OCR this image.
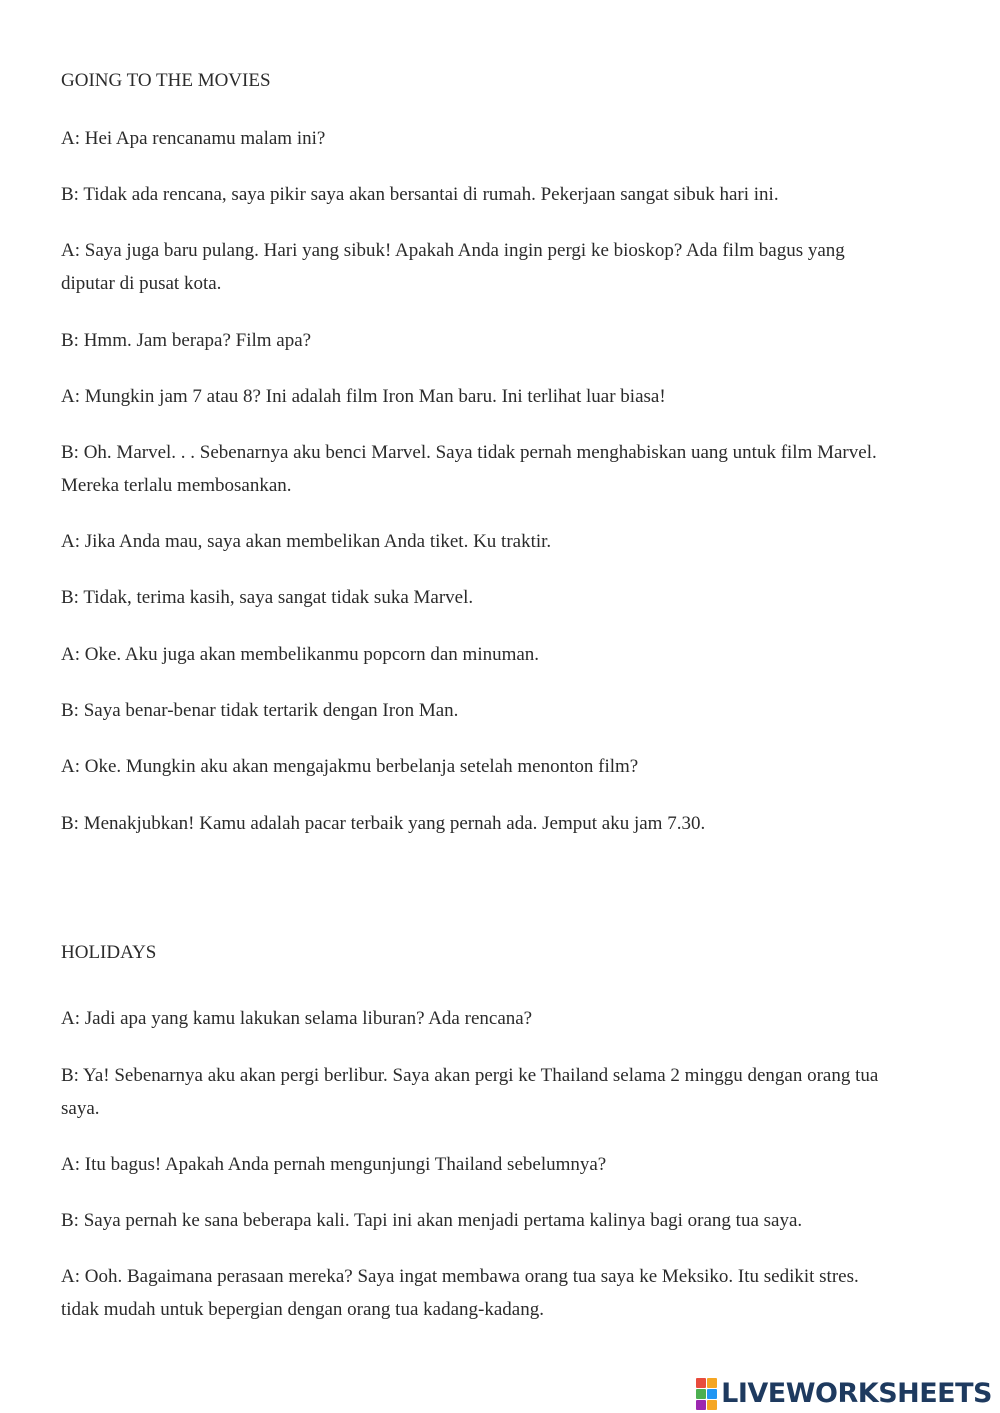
GOING TO THE MOVIES

A: Hei Apa rencanamu malam ini?

B: Tidak ada rencana, saya pikir saya akan bersantai di rumah. Pekerjaan sangat sibuk hari ini.

A: Saya juga baru pulang. Hari yang sibuk! Apakah Anda ingin pergi ke bioskop? Ada film bagus yang

diputar di pusat kota.

B: Hmm. Jam berapa? Film apa?

A: Mungkin jam 7 atau 8? Ini adalah film Iron Man baru. Ini terlihat luar biasa!

B: Oh. Marvel. . . Sebenarnya aku benci Marvel. Saya tidak pernah menghabiskan uang untuk film Marvel.

Mereka terlalu membosankan.

A: Jika Anda mau, saya akan membelikan Anda tiket. Ku traktir.

B: Tidak, terima kasih, saya sangat tidak suka Marvel.

A: Oke. Aku juga akan membelikanmu popcorn dan minuman.

B: Saya benar-benar tidak tertarik dengan Iron Man.

A: Oke. Mungkin aku akan mengajakmu berbelanja setelah menonton film?

B: Menakjubkan! Kamu adalah pacar terbaik yang pernah ada. Jemput aku jam 7.30.

HOLIDAYS

A: Jadi apa yang kamu lakukan selama liburan? Ada rencana?

B: Ya! Sebenarnya aku akan pergi berlibur. Saya akan pergi ke Thailand selama 2 minggu dengan orang tua

saya.

A: Itu bagus! Apakah Anda pernah mengunjungi Thailand sebelumnya?

B: Saya pernah ke sana beberapa kali. Tapi ini akan menjadi pertama kalinya bagi orang tua saya.

A: Ooh. Bagaimana perasaan mereka? Saya ingat membawa orang tua saya ke Meksiko. Itu sedikit stres.

tidak mudah untuk bepergian dengan orang tua kadang-kadang.

LIVEWORKSHEETS
